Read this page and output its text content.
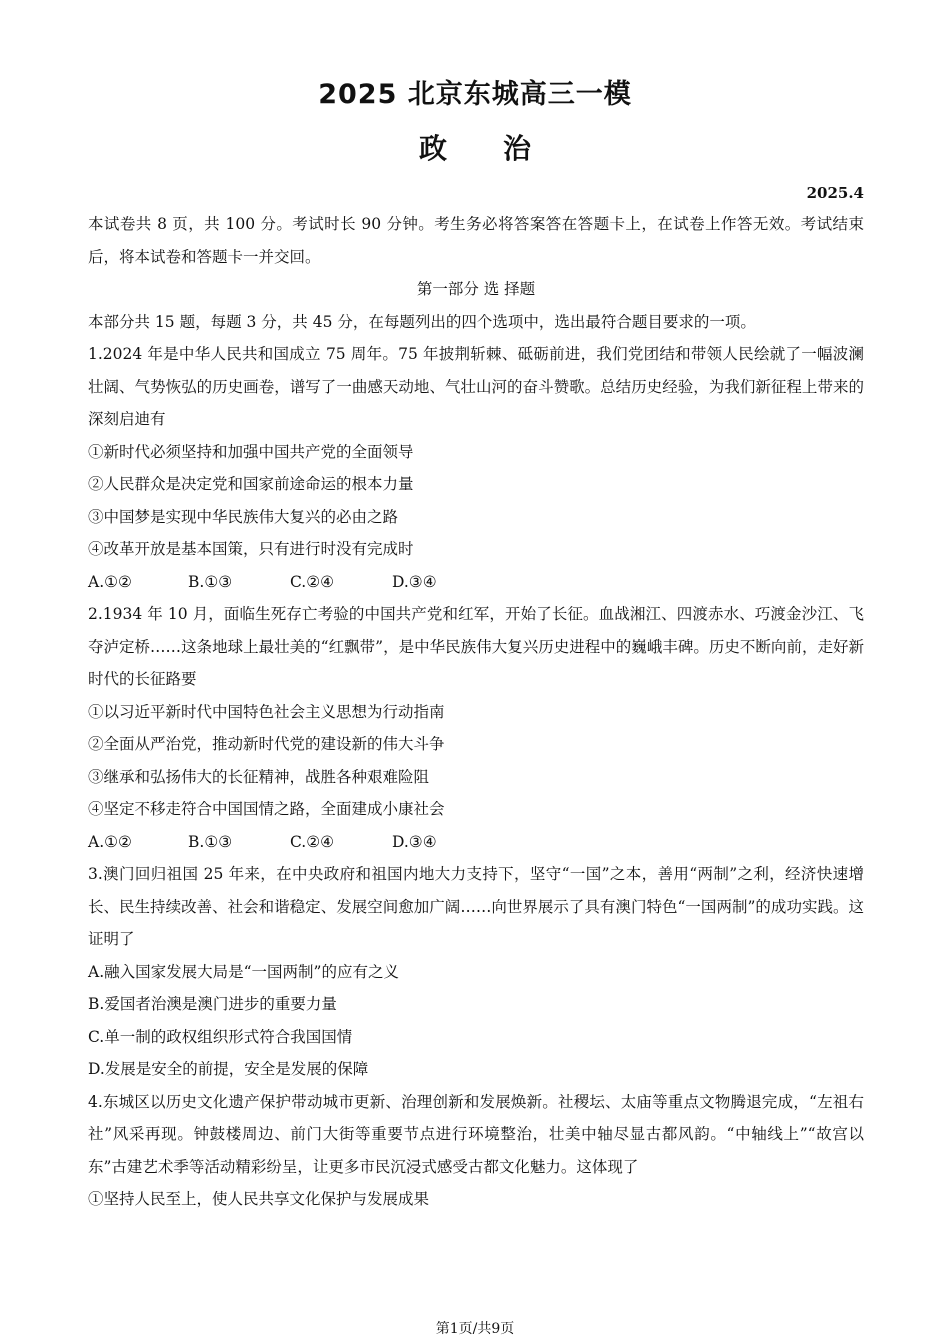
2025 北京东城高三一模
政 治
2025.4

本试卷共 8 页，共 100 分。考试时长 90 分钟。考生务必将答案答在答题卡上，在试卷上作答无效。考试结束后，将本试卷和答题卡一并交回。

第一部分 选 择题

本部分共 15 题，每题 3 分，共 45 分，在每题列出的四个选项中，选出最符合题目要求的一项。

1.2024 年是中华人民共和国成立 75 周年。75 年披荆斩棘、砥砺前进，我们党团结和带领人民绘就了一幅波澜壮阔、气势恢弘的历史画卷，谱写了一曲感天动地、气壮山河的奋斗赞歌。总结历史经验，为我们新征程上带来的深刻启迪有

①新时代必须坚持和加强中国共产党的全面领导

②人民群众是决定党和国家前途命运的根本力量

③中国梦是实现中华民族伟大复兴的必由之路

④改革开放是基本国策，只有进行时没有完成时

A.①②	B.①③	C.②④	D.③④

2.1934 年 10 月，面临生死存亡考验的中国共产党和红军，开始了长征。血战湘江、四渡赤水、巧渡金沙江、飞夺泸定桥……这条地球上最壮美的“红飘带”，是中华民族伟大复兴历史进程中的巍峨丰碑。历史不断向前，走好新时代的长征路要

①以习近平新时代中国特色社会主义思想为行动指南

②全面从严治党，推动新时代党的建设新的伟大斗争

③继承和弘扬伟大的长征精神，战胜各种艰难险阻

④坚定不移走符合中国国情之路，全面建成小康社会

A.①②	B.①③	C.②④	D.③④

3.澳门回归祖国 25 年来，在中央政府和祖国内地大力支持下，坚守“一国”之本，善用“两制”之利，经济快速增长、民生持续改善、社会和谐稳定、发展空间愈加广阔……向世界展示了具有澳门特色“一国两制”的成功实践。这证明了

A.融入国家发展大局是“一国两制”的应有之义

B.爱国者治澳是澳门进步的重要力量

C.单一制的政权组织形式符合我国国情

D.发展是安全的前提，安全是发展的保障

4.东城区以历史文化遗产保护带动城市更新、治理创新和发展焕新。社稷坛、太庙等重点文物腾退完成，“左祖右社”风采再现。钟鼓楼周边、前门大街等重要节点进行环境整治，壮美中轴尽显古都风韵。“中轴线上”“故宫以东”古建艺术季等活动精彩纷呈，让更多市民沉浸式感受古都文化魅力。这体现了

①坚持人民至上，使人民共享文化保护与发展成果

第1页/共9页
